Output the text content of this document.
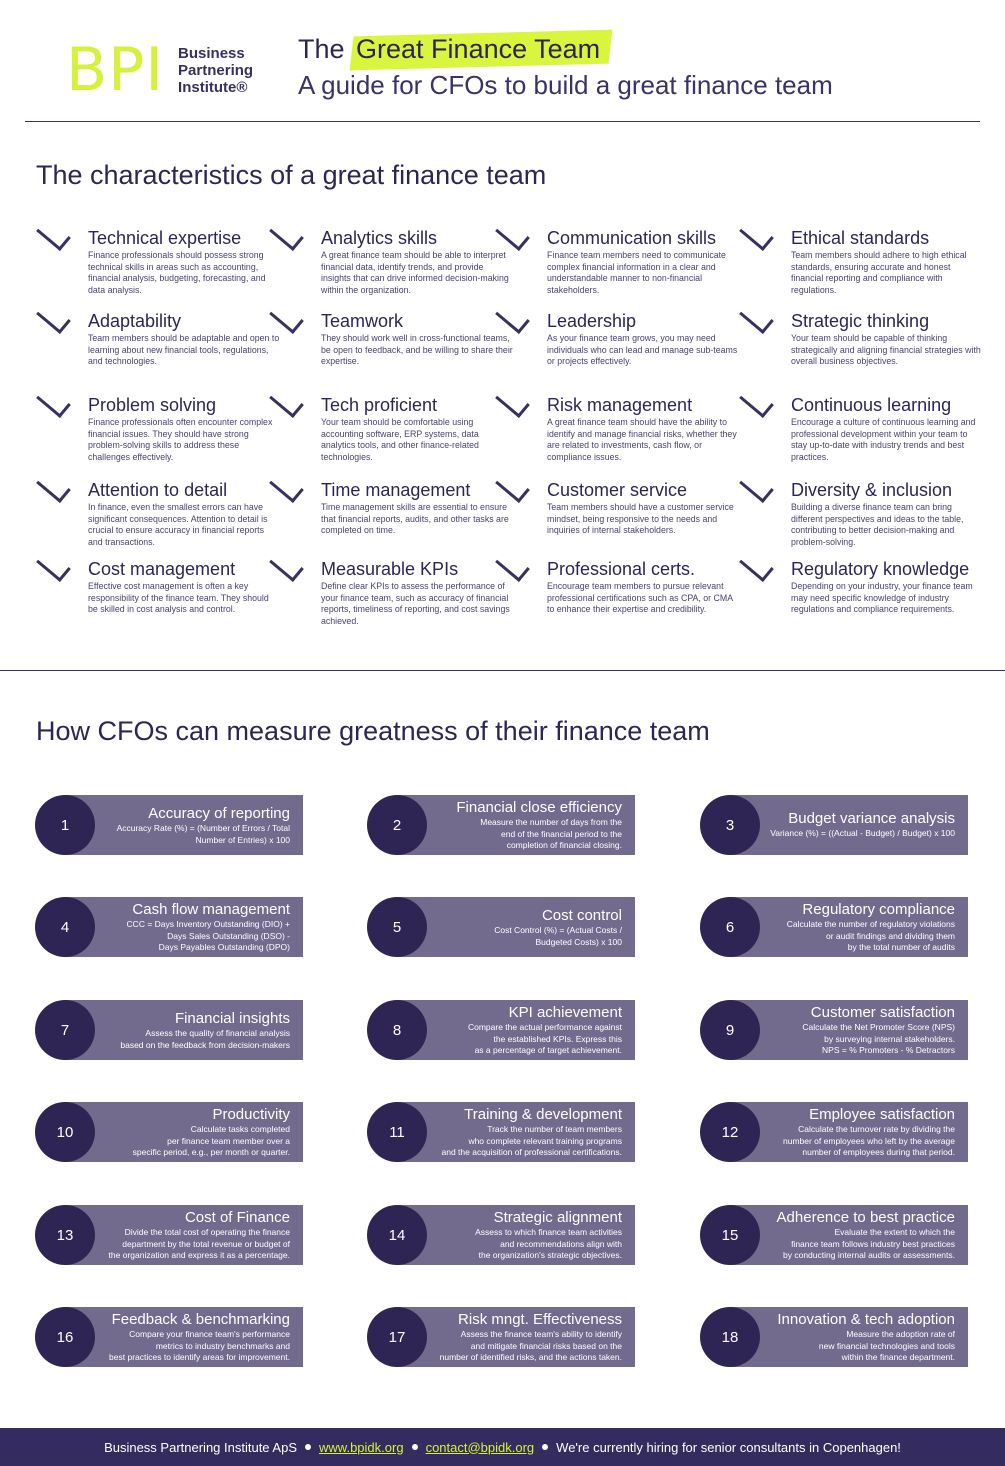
BPI Business
Partnering
Institute®
The Great Finance Team
A guide for CFOs to build a great finance team
The characteristics of a great finance team
Technical expertise
Finance professionals should possess strong technical skills in areas such as accounting, financial analysis, budgeting, forecasting, and data analysis.
Analytics skills
A great finance team should be able to interpret financial data, identify trends, and provide insights that can drive informed decision-making within the organization.
Communication skills
Finance team members need to communicate complex financial information in a clear and understandable manner to non-financial stakeholders.
Ethical standards
Team members should adhere to high ethical standards, ensuring accurate and honest financial reporting and compliance with regulations.
Adaptability
Team members should be adaptable and open to learning about new financial tools, regulations, and technologies.
Teamwork
They should work well in cross-functional teams, be open to feedback, and be willing to share their expertise.
Leadership
As your finance team grows, you may need individuals who can lead and manage sub-teams or projects effectively.
Strategic thinking
Your team should be capable of thinking strategically and aligning financial strategies with overall business objectives.
Problem solving
Finance professionals often encounter complex financial issues. They should have strong problem-solving skills to address these challenges effectively.
Tech proficient
Your team should be comfortable using accounting software, ERP systems, data analytics tools, and other finance-related technologies.
Risk management
A great finance team should have the ability to identify and manage financial risks, whether they are related to investments, cash flow, or compliance issues.
Continuous learning
Encourage a culture of continuous learning and professional development within your team to stay up-to-date with industry trends and best practices.
Attention to detail
In finance, even the smallest errors can have significant consequences. Attention to detail is crucial to ensure accuracy in financial reports and transactions.
Time management
Time management skills are essential to ensure that financial reports, audits, and other tasks are completed on time.
Customer service
Team members should have a customer service mindset, being responsive to the needs and inquiries of internal stakeholders.
Diversity & inclusion
Building a diverse finance team can bring different perspectives and ideas to the table, contributing to better decision-making and problem-solving.
Cost management
Effective cost management is often a key responsibility of the finance team. They should be skilled in cost analysis and control.
Measurable KPIs
Define clear KPIs to assess the performance of your finance team, such as accuracy of financial reports, timeliness of reporting, and cost savings achieved.
Professional certs.
Encourage team members to pursue relevant professional certifications such as CPA, or CMA to enhance their expertise and credibility.
Regulatory knowledge
Depending on your industry, your finance team may need specific knowledge of industry regulations and compliance requirements.
How CFOs can measure greatness of their finance team
1
Accuracy of reporting
Accuracy Rate (%) = (Number of Errors / Total
Number of Entries) x 100
2
Financial close efficiency
Measure the number of days from the
end of the financial period to the
completion of financial closing.
3	Budget variance analysis
Variance (%) = ((Actual - Budget) / Budget) x 100
4
Cash flow management
CCC = Days Inventory Outstanding (DIO) +
Days Sales Outstanding (DSO) -
Days Payables Outstanding (DPO)
5
Cost control
Cost Control (%) = (Actual Costs /
Budgeted Costs) x 100
6
Regulatory compliance
Calculate the number of regulatory violations
or audit findings and dividing them
by the total number of audits
7
Financial insights
Assess the quality of financial analysis
based on the feedback from decision-makers
8
KPI achievement
Compare the actual performance against
the established KPIs. Express this
as a percentage of target achievement.
9
Customer satisfaction
Calculate the Net Promoter Score (NPS)
by surveying internal stakeholders.
NPS = % Promoters - % Detractors
10
Productivity
Calculate tasks completed
per finance team member over a
specific period, e.g., per month or quarter.
11
Training & development
Track the number of team members
who complete relevant training programs
and the acquisition of professional certifications.
12
Employee satisfaction
Calculate the turnover rate by dividing the
number of employees who left by the average
number of employees during that period.
13
Cost of Finance
Divide the total cost of operating the finance
department by the total revenue or budget of
the organization and express it as a percentage.
14
Strategic alignment
Assess to which finance team activities
and recommendations align with
the organization's strategic objectives.
15
Adherence to best practice
Evaluate the extent to which the
finance team follows industry best practices
by conducting internal audits or assessments.
16
Feedback & benchmarking
Compare your finance team's performance
metrics to industry benchmarks and
best practices to identify areas for improvement.
17
Risk mngt. Effectiveness
Assess the finance team's ability to identify
and mitigate financial risks based on the
number of identified risks, and the actions taken.
18
Innovation & tech adoption
Measure the adoption rate of
new financial technologies and tools
within the finance department.
Business Partnering Institute ApS www.bpidk.org contact@bpidk.org We're currently hiring for senior consultants in Copenhagen!
